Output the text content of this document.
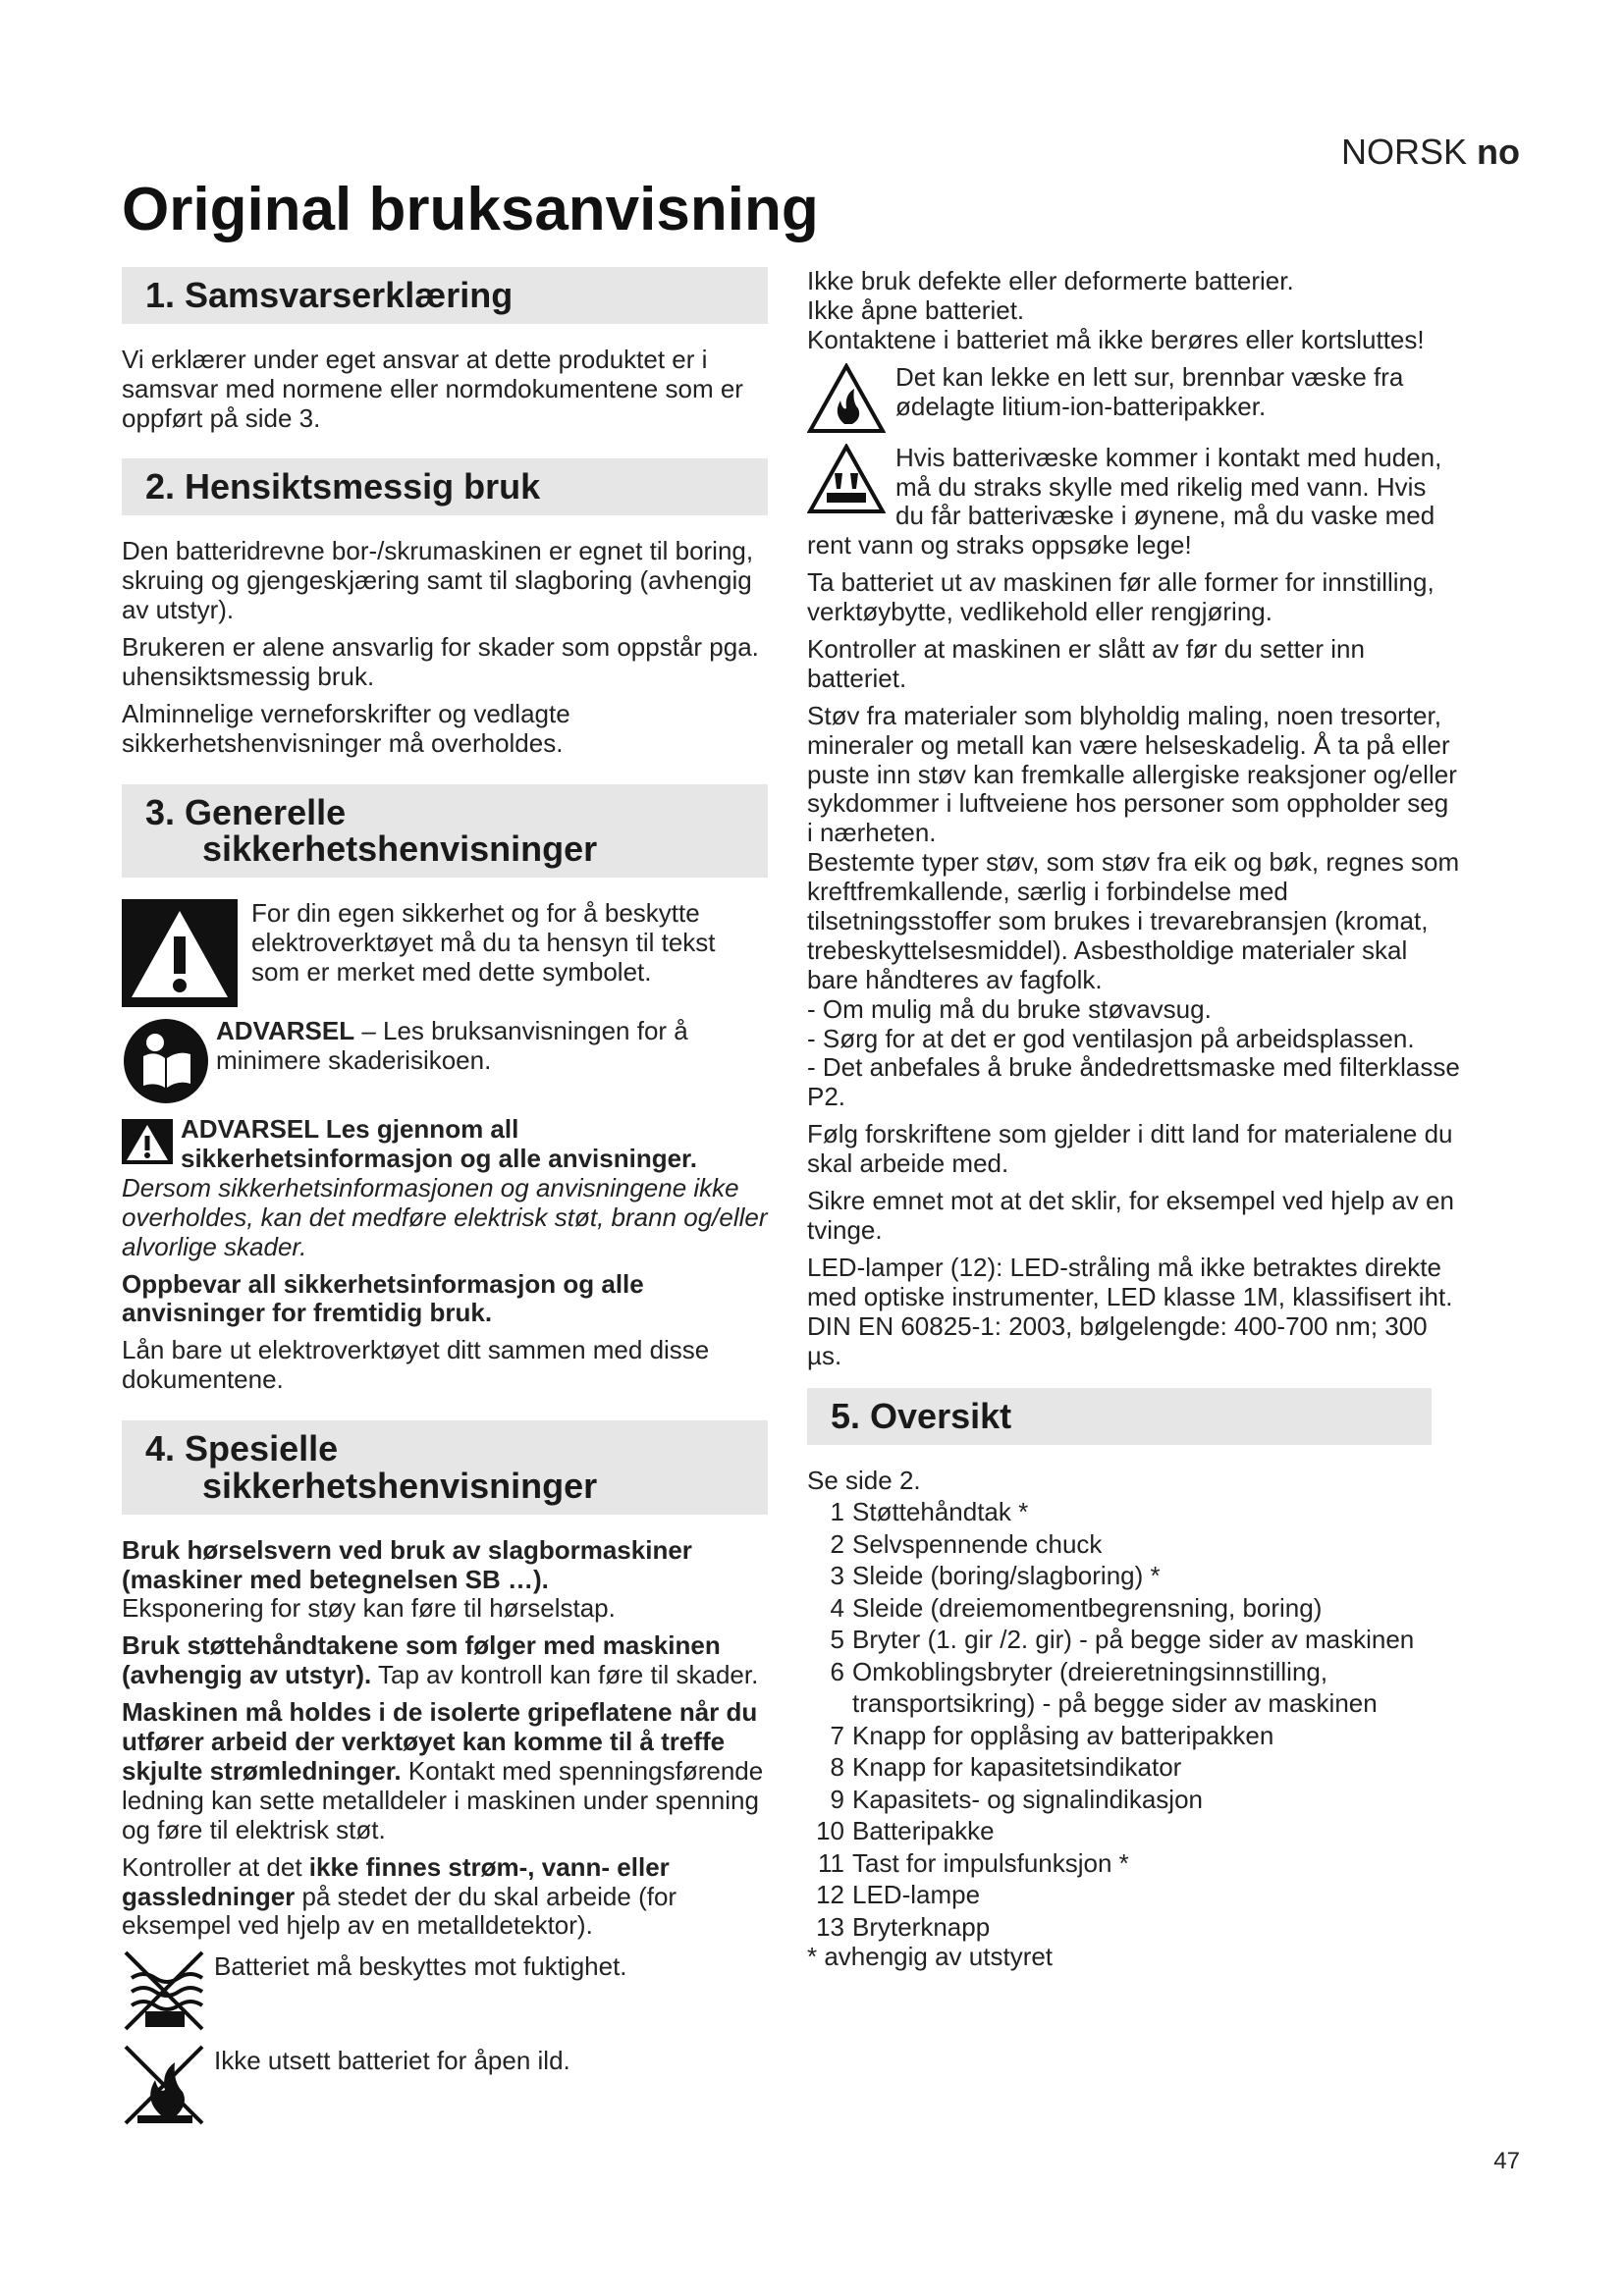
NORSK no
Original bruksanvisning
1. Samsvarserklæring

Vi erklærer under eget ansvar at dette produktet er i samsvar med normene eller normdokumentene som er oppført på side 3.

2. Hensiktsmessig bruk

Den batteridrevne bor-/skrumaskinen er egnet til boring, skruing og gjengeskjæring samt til slagboring (avhengig av utstyr).

Brukeren er alene ansvarlig for skader som oppstår pga. uhensiktsmessig bruk.

Alminnelige verneforskrifter og vedlagte sikkerhetshenvisninger må overholdes.

3. Generelle
sikkerhetshenvisninger
For din egen sikkerhet og for å beskytte elektroverktøyet må du ta hensyn til tekst som er merket med dette symbolet.
ADVARSEL – Les bruksanvisningen for å minimere skaderisikoen.

ADVARSEL Les gjennom all sikkerhetsinformasjon og alle anvisninger. Dersom sikkerhetsinformasjonen og anvisningene ikke overholdes, kan det medføre elektrisk støt, brann og/eller alvorlige skader.

Oppbevar all sikkerhetsinformasjon og alle anvisninger for fremtidig bruk.

Lån bare ut elektroverktøyet ditt sammen med disse dokumentene.

4. Spesielle
sikkerhetshenvisninger

Bruk hørselsvern ved bruk av slagbormaskiner (maskiner med betegnelsen SB …).
Eksponering for støy kan føre til hørselstap.

Bruk støttehåndtakene som følger med maskinen (avhengig av utstyr). Tap av kontroll kan føre til skader.

Maskinen må holdes i de isolerte gripeflatene når du utfører arbeid der verktøyet kan komme til å treffe skjulte strømledninger. Kontakt med spenningsførende ledning kan sette metalldeler i maskinen under spenning og føre til elektrisk støt.

Kontroller at det ikke finnes strøm-, vann- eller gassledninger på stedet der du skal arbeide (for eksempel ved hjelp av en metalldetektor).

Batteriet må beskyttes mot fuktighet.
Ikke utsett batteriet for åpen ild.

Ikke bruk defekte eller deformerte batterier.

Ikke åpne batteriet.

Kontaktene i batteriet må ikke berøres eller kortsluttes!

Det kan lekke en lett sur, brennbar væske fra ødelagte litium-ion-batteripakker.

Hvis batterivæske kommer i kontakt med huden, må du straks skylle med rikelig med vann. Hvis du får batterivæske i øynene, må du vaske med rent vann og straks oppsøke lege!

Ta batteriet ut av maskinen før alle former for innstilling, verktøybytte, vedlikehold eller rengjøring.

Kontroller at maskinen er slått av før du setter inn batteriet.

Støv fra materialer som blyholdig maling, noen tresorter, mineraler og metall kan være helseskadelig. Å ta på eller puste inn støv kan fremkalle allergiske reaksjoner og/eller sykdommer i luftveiene hos personer som oppholder seg i nærheten.

Bestemte typer støv, som støv fra eik og bøk, regnes som kreftfremkallende, særlig i forbindelse med tilsetningsstoffer som brukes i trevarebransjen (kromat, trebeskyttelsesmiddel). Asbestholdige materialer skal bare håndteres av fagfolk.

- Om mulig må du bruke støvavsug.

- Sørg for at det er god ventilasjon på arbeidsplassen.

- Det anbefales å bruke åndedrettsmaske med filterklasse P2.

Følg forskriftene som gjelder i ditt land for materialene du skal arbeide med.

Sikre emnet mot at det sklir, for eksempel ved hjelp av en tvinge.

LED-lamper (12): LED-stråling må ikke betraktes direkte med optiske instrumenter, LED klasse 1M, klassifisert iht. DIN EN 60825-1: 2003, bølgelengde: 400-700 nm; 300 µs.

5. Oversikt

Se side 2.

1 Støttehåndtak *
2 Selvspennende chuck
3 Sleide (boring/slagboring) *
4 Sleide (dreiemomentbegrensning, boring)
5 Bryter (1. gir /2. gir) - på begge sider av maskinen
6 Omkoblingsbryter (dreieretningsinnstilling, transportsikring) - på begge sider av maskinen
7 Knapp for opplåsing av batteripakken
8 Knapp for kapasitetsindikator
9 Kapasitets- og signalindikasjon
10 Batteripakke
11 Tast for impulsfunksjon *
12 LED-lampe
13 Bryterknapp

* avhengig av utstyret

47
